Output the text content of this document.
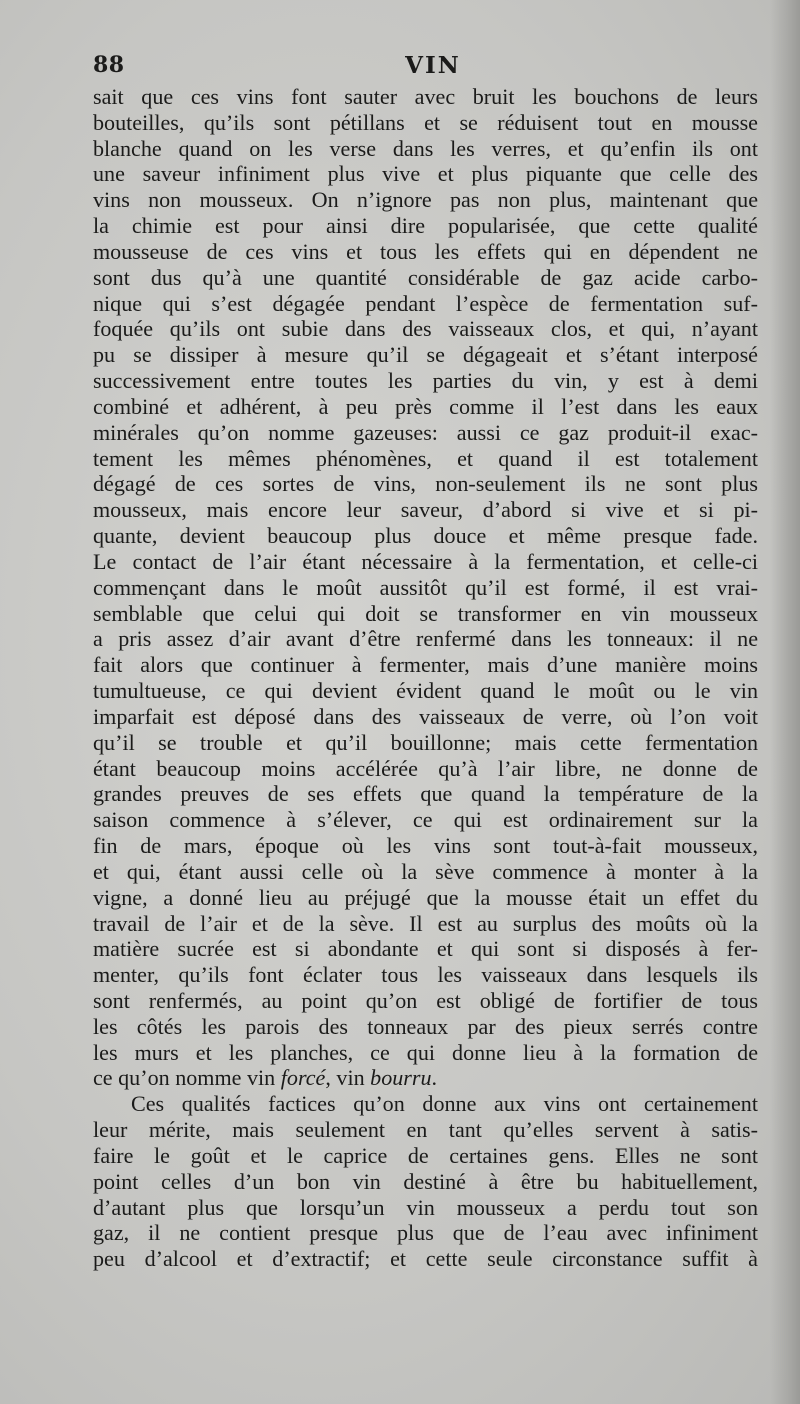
88	VIN
sait que ces vins font sauter avec bruit les bouchons de leurs
bouteilles, qu’ils sont pétillans et se réduisent tout en mousse
blanche quand on les verse dans les verres, et qu’enfin ils ont
une saveur infiniment plus vive et plus piquante que celle des
vins non mousseux. On n’ignore pas non plus, maintenant que
la chimie est pour ainsi dire popularisée, que cette qualité
mousseuse de ces vins et tous les effets qui en dépendent ne
sont dus qu’à une quantité considérable de gaz acide carbo-
nique qui s’est dégagée pendant l’espèce de fermentation suf-
foquée qu’ils ont subie dans des vaisseaux clos, et qui, n’ayant
pu se dissiper à mesure qu’il se dégageait et s’étant interposé
successivement entre toutes les parties du vin, y est à demi
combiné et adhérent, à peu près comme il l’est dans les eaux
minérales qu’on nomme gazeuses: aussi ce gaz produit-il exac-
tement les mêmes phénomènes, et quand il est totalement
dégagé de ces sortes de vins, non-seulement ils ne sont plus
mousseux, mais encore leur saveur, d’abord si vive et si pi-
quante, devient beaucoup plus douce et même presque fade.
Le contact de l’air étant nécessaire à la fermentation, et celle-ci
commençant dans le moût aussitôt qu’il est formé, il est vrai-
semblable que celui qui doit se transformer en vin mousseux
a pris assez d’air avant d’être renfermé dans les tonneaux: il ne
fait alors que continuer à fermenter, mais d’une manière moins
tumultueuse, ce qui devient évident quand le moût ou le vin
imparfait est déposé dans des vaisseaux de verre, où l’on voit
qu’il se trouble et qu’il bouillonne; mais cette fermentation
étant beaucoup moins accélérée qu’à l’air libre, ne donne de
grandes preuves de ses effets que quand la température de la
saison commence à s’élever, ce qui est ordinairement sur la
fin de mars, époque où les vins sont tout-à-fait mousseux,
et qui, étant aussi celle où la sève commence à monter à la
vigne, a donné lieu au préjugé que la mousse était un effet du
travail de l’air et de la sève. Il est au surplus des moûts où la
matière sucrée est si abondante et qui sont si disposés à fer-
menter, qu’ils font éclater tous les vaisseaux dans lesquels ils
sont renfermés, au point qu’on est obligé de fortifier de tous
les côtés les parois des tonneaux par des pieux serrés contre
les murs et les planches, ce qui donne lieu à la formation de
ce qu’on nomme vin forcé, vin bourru.
Ces qualités factices qu’on donne aux vins ont certainement
leur mérite, mais seulement en tant qu’elles servent à satis-
faire le goût et le caprice de certaines gens. Elles ne sont
point celles d’un bon vin destiné à être bu habituellement,
d’autant plus que lorsqu’un vin mousseux a perdu tout son
gaz, il ne contient presque plus que de l’eau avec infiniment
peu d’alcool et d’extractif; et cette seule circonstance suffit à
